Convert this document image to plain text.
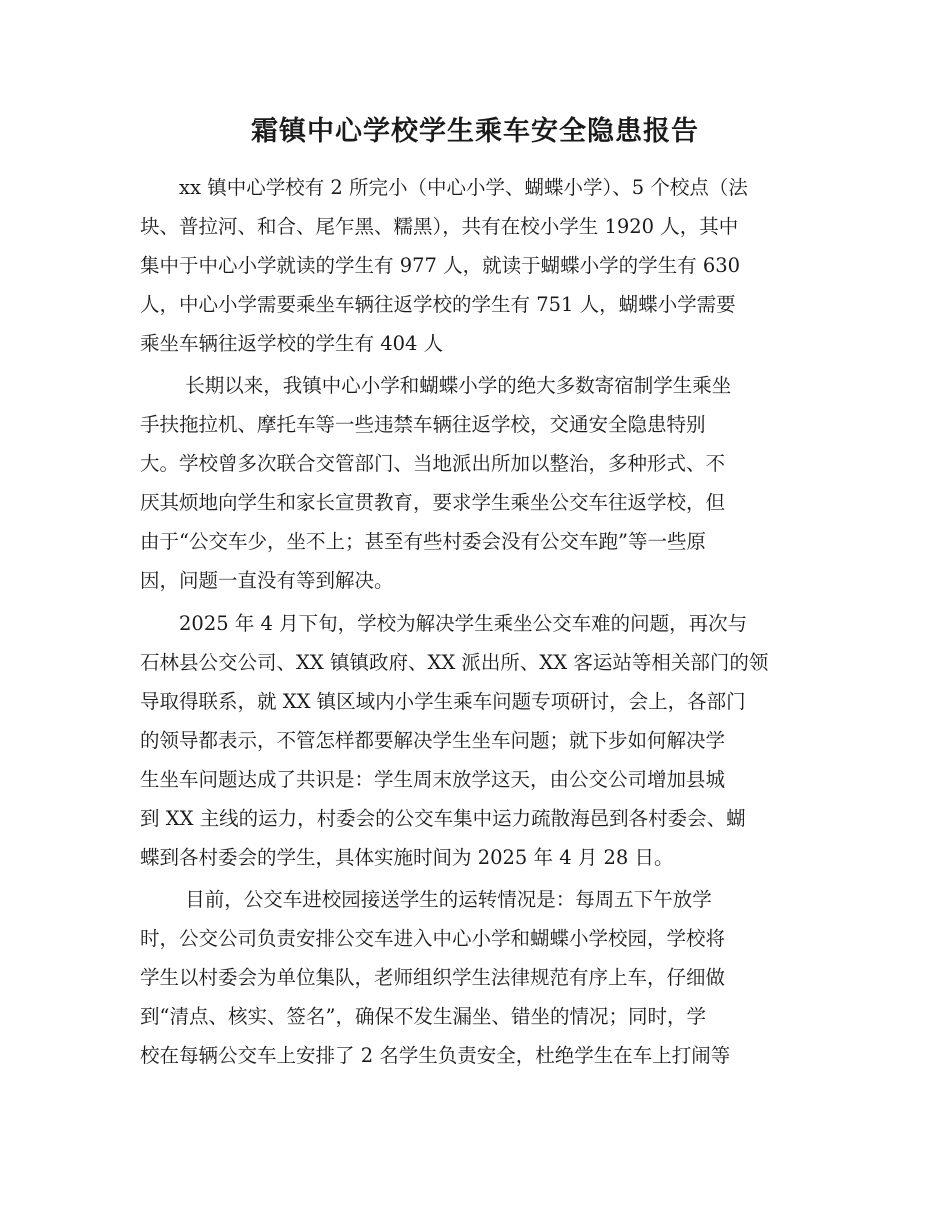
霜镇中心学校学生乘车安全隐患报告
　　xx 镇中心学校有 2 所完小（中心小学、蝴蝶小学）、5 个校点（法
块、普拉河、和合、尾乍黑、糯黑），共有在校小学生 1920 人，其中
集中于中心小学就读的学生有 977 人，就读于蝴蝶小学的学生有 630
人，中心小学需要乘坐车辆往返学校的学生有 751 人，蝴蝶小学需要
乘坐车辆往返学校的学生有 404 人
　　 长期以来，我镇中心小学和蝴蝶小学的绝大多数寄宿制学生乘坐
手扶拖拉机、摩托车等一些违禁车辆往返学校，交通安全隐患特别
大。学校曾多次联合交管部门、当地派出所加以整治，多种形式、不
厌其烦地向学生和家长宣贯教育，要求学生乘坐公交车往返学校，但
由于“公交车少，坐不上；甚至有些村委会没有公交车跑”等一些原
因，问题一直没有等到解决。
　　2025 年 4 月下旬，学校为解决学生乘坐公交车难的问题，再次与
石林县公交公司、XX 镇镇政府、XX 派出所、XX 客运站等相关部门的领
导取得联系，就 XX 镇区域内小学生乘车问题专项研讨，会上，各部门
的领导都表示，不管怎样都要解决学生坐车问题；就下步如何解决学
生坐车问题达成了共识是：学生周末放学这天，由公交公司增加县城
到 XX 主线的运力，村委会的公交车集中运力疏散海邑到各村委会、蝴
蝶到各村委会的学生，具体实施时间为 2025 年 4 月 28 日。
　　 目前，公交车进校园接送学生的运转情况是：每周五下午放学
时，公交公司负责安排公交车进入中心小学和蝴蝶小学校园，学校将
学生以村委会为单位集队，老师组织学生法律规范有序上车，仔细做
到“清点、核实、签名”，确保不发生漏坐、错坐的情况；同时，学
校在每辆公交车上安排了 2 名学生负责安全，杜绝学生在车上打闹等
